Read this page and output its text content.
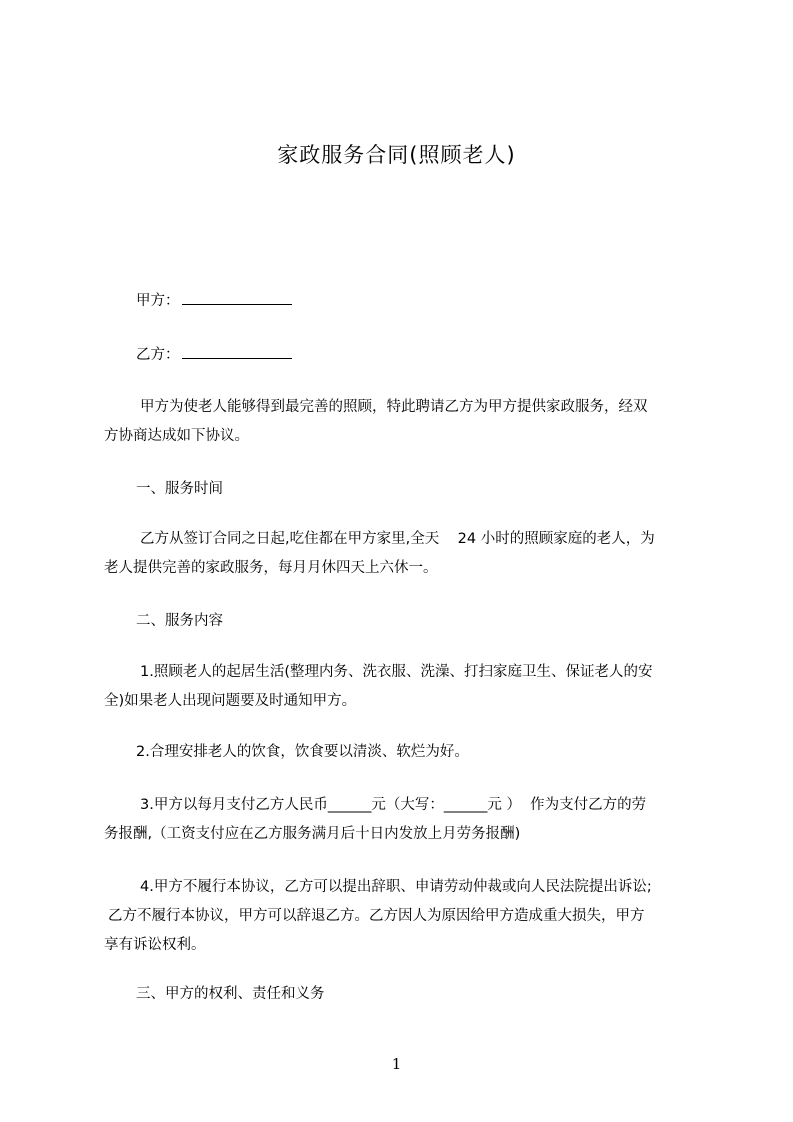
家政服务合同(照顾老人)
甲方：
乙方：
甲方为使老人能够得到最完善的照顾，特此聘请乙方为甲方提供家政服务，经双
方协商达成如下协议。
一、服务时间
乙方从签订合同之日起,吃住都在甲方家里,全天    24 小时的照顾家庭的老人，为
老人提供完善的家政服务，每月月休四天上六休一。
二、服务内容
1.照顾老人的起居生活(整理内务、洗衣服、洗澡、打扫家庭卫生、保证老人的安
全)如果老人出现问题要及时通知甲方。
2.合理安排老人的饮食，饮食要以清淡、软烂为好。
3.甲方以每月支付乙方人民币______元（大写：______元 ）  作为支付乙方的劳
务报酬,（工资支付应在乙方服务满月后十日内发放上月劳务报酬)
4.甲方不履行本协议，乙方可以提出辞职、申请劳动仲裁或向人民法院提出诉讼;
乙方不履行本协议，甲方可以辞退乙方。乙方因人为原因给甲方造成重大损失，甲方
享有诉讼权利。
三、甲方的权利、责任和义务
1
